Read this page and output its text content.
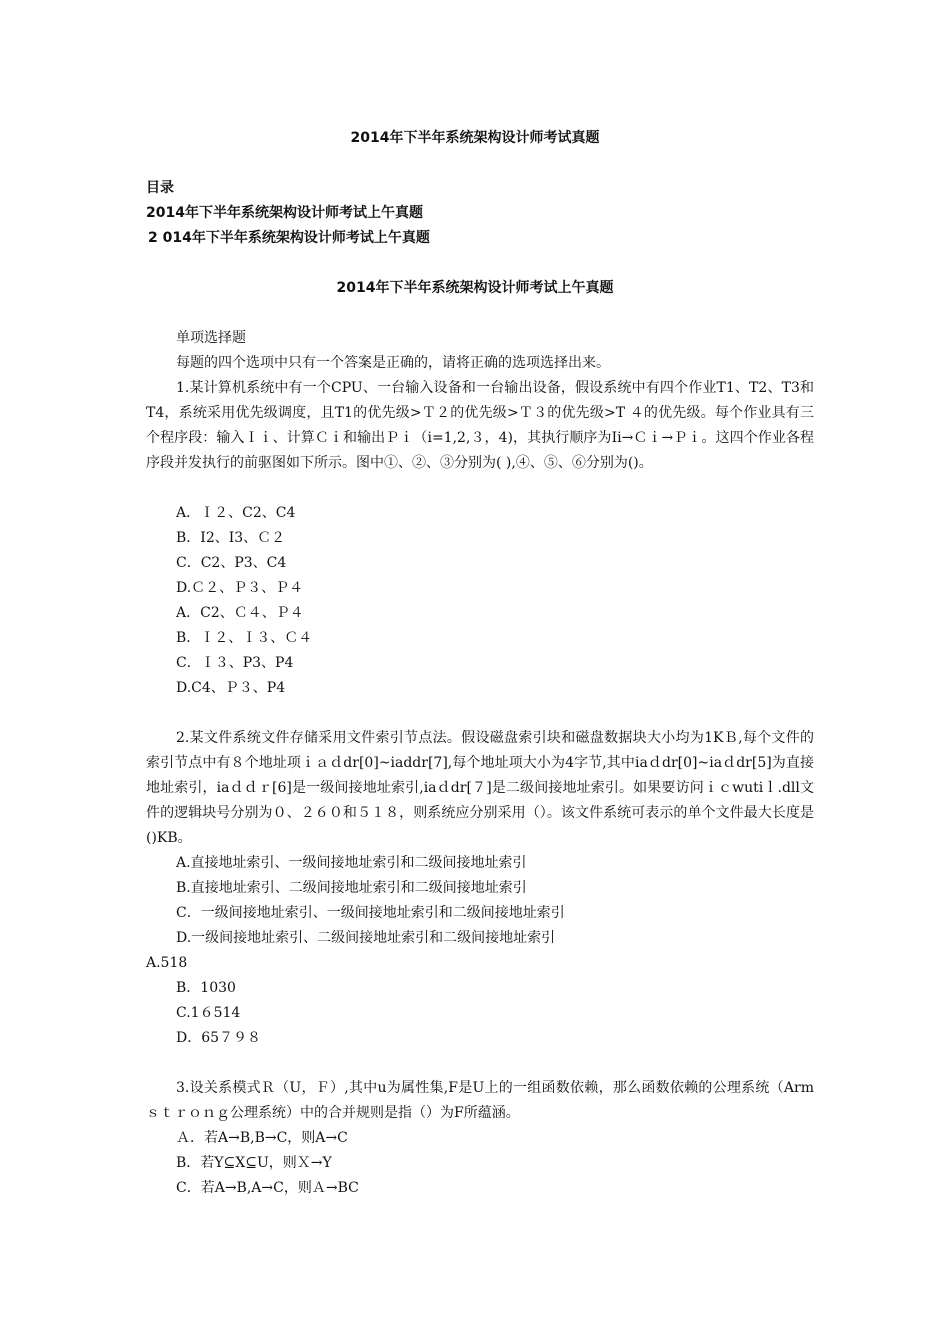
2014年下半年系统架构设计师考试真题
目录
2014年下半年系统架构设计师考试上午真题
2 014年下半年系统架构设计师考试上午真题
2014年下半年系统架构设计师考试上午真题
单项选择题
每题的四个选项中只有一个答案是正确的，请将正确的选项选择出来。
1.某计算机系统中有一个CPU、一台输入设备和一台输出设备，假设系统中有四个作业T1、T2、T3和T4，系统采用优先级调度，且T1的优先级>Ｔ２的优先级>Ｔ３的优先级>T ４的优先级。每个作业具有三个程序段：输入Ｉｉ、计算Ｃｉ和输出Ｐｉ（i=1,2,３，4)，其执行顺序为Ii→Ｃｉ→Ｐｉ。这四个作业各程序段并发执行的前驱图如下所示。图中①、②、③分别为( ),④、⑤、⑥分别为()。
A．Ｉ２、C2、C4
B．I2、I3、Ｃ２
C．C2、P3、C4
D.Ｃ２、Ｐ３、Ｐ４
A．C2、Ｃ４、Ｐ４
B．Ｉ２、Ｉ３、Ｃ４
C．Ｉ３、P3、P4
D.C4、Ｐ３、P4
2.某文件系统文件存储采用文件索引节点法。假设磁盘索引块和磁盘数据块大小均为1KＢ,每个文件的索引节点中有８个地址项ｉａｄdr[0]~iaddr[7],每个地址项大小为4字节,其中iaｄdr[0]~iaｄdr[5]为直接地址索引，iaｄｄｒ[6]是一级间接地址索引,iaｄdr[７]是二级间接地址索引。如果要访问ｉｃwutiｌ.dll文件的逻辑块号分别为０、２６０和５１８，则系统应分别采用（）。该文件系统可表示的单个文件最大长度是()KB。
A.直接地址索引、一级间接地址索引和二级间接地址索引
B.直接地址索引、二级间接地址索引和二级间接地址索引
C．一级间接地址索引、一级间接地址索引和二级间接地址索引
D.一级间接地址索引、二级间接地址索引和二级间接地址索引
A.518
B．1030
C.1６514
D．65７９８
3.设关系模式Ｒ（U，Ｆ）,其中u为属性集,F是U上的一组函数依赖，那么函数依赖的公理系统（Armｓｔｒｏｎｇ公理系统）中的合并规则是指（）为F所蕴涵。
Ａ．若A→B,B→C，则A→C
B．若Y⊆X⊆U，则Ｘ→Y
C．若A→B,A→C，则Ａ→BC
